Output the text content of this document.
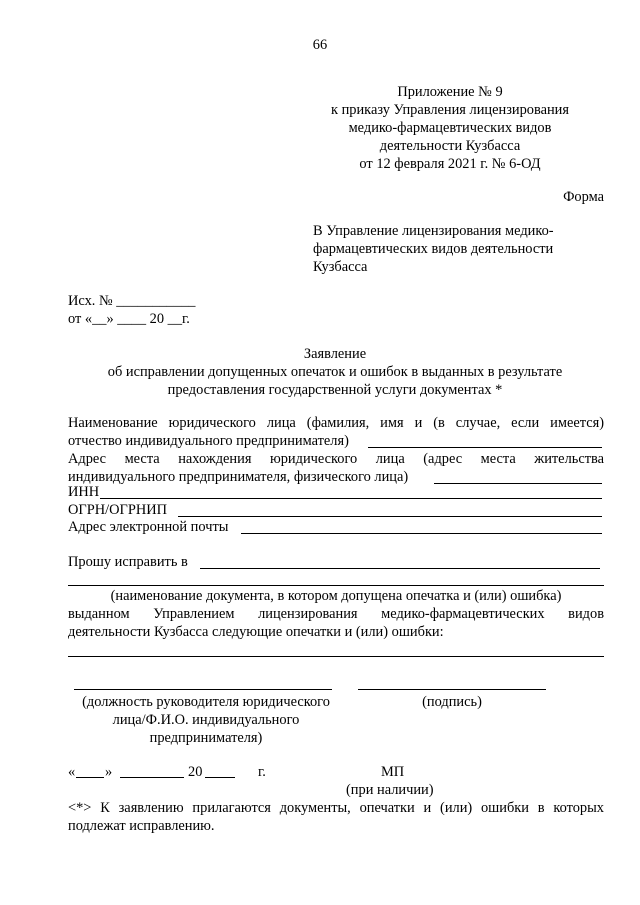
66
Приложение № 9
к приказу Управления лицензирования
медико-фармацевтических видов
деятельности Кузбасса
от 12 февраля 2021 г. № 6-ОД
Форма
В Управление лицензирования медико-
фармацевтических видов деятельности
Кузбасса
Исх. № ___________
от «__» ____ 20 __г.
Заявление
об исправлении допущенных опечаток и ошибок в выданных в результате
предоставления государственной услуги документах *
Наименование юридического лица (фамилия, имя и (в случае, если имеется)
отчество индивидуального предпринимателя)
Адрес места нахождения юридического лица (адрес места жительства
индивидуального предпринимателя, физического лица)
ИНН
ОГРН/ОГРНИП
Адрес электронной почты
Прошу исправить в
(наименование документа, в котором допущена опечатка и (или) ошибка)
выданном Управлением лицензирования медико-фармацевтических видов
деятельности Кузбасса следующие опечатки и (или) ошибки:
(должность руководителя юридического
лица/Ф.И.О. индивидуального
предпринимателя)
(подпись)
« »	20	г.	МП
(при наличии)
<*> К заявлению прилагаются документы, опечатки и (или) ошибки в которых
подлежат исправлению.
